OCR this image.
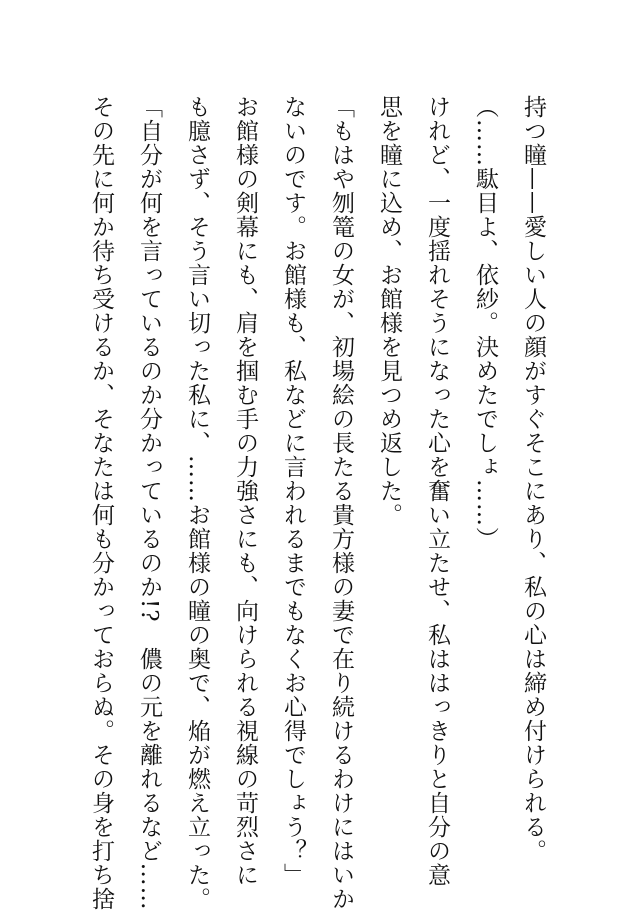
持つ瞳——愛しい人の顔がすぐそこにあり、私の心は締め付けられる。
（……駄目よ、依紗。決めたでしょ……）
けれど、一度揺れそうになった心を奮い立たせ、私ははっきりと自分の意
思を瞳に込め、お館様を見つめ返した。
「もはや刎篭の女が、初場絵の長たる貴方様の妻で在り続けるわけにはいか
ないのです。お館様も、私などに言われるまでもなくお心得でしょう？」
お館様の剣幕にも、肩を掴む手の力強さにも、向けられる視線の苛烈さに
も臆さず、そう言い切った私に、……お館様の瞳の奥で、焔が燃え立った。
「自分が何を言っているのか分かっているのか!?　儂の元を離れるなど……
その先に何か待ち受けるか、そなたは何も分かっておらぬ。その身を打ち捨
